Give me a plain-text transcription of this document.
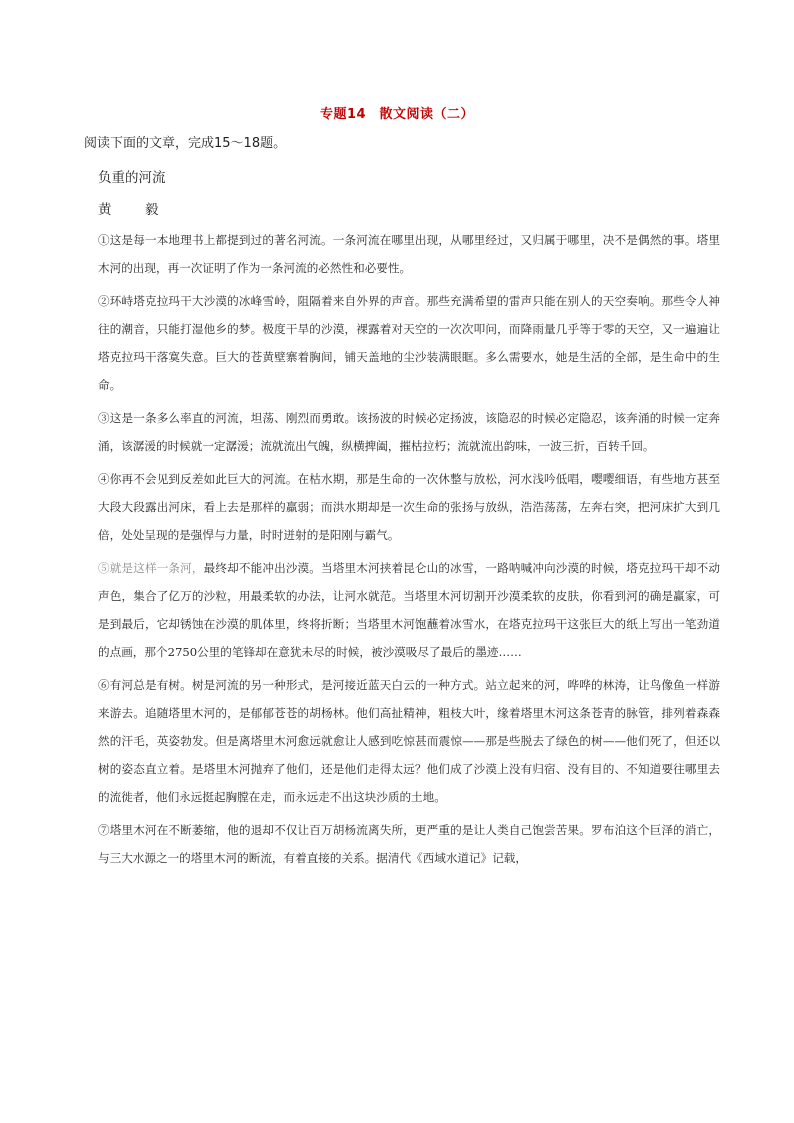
专题14　散文阅读（二）
阅读下面的文章，完成15～18题。
负重的河流
黄　毅

①这是每一本地理书上都提到过的著名河流。一条河流在哪里出现，从哪里经过，又归属于哪里，决不是偶然的事。塔里木河的出现，再一次证明了作为一条河流的必然性和必要性。

②环峙塔克拉玛干大沙漠的冰峰雪岭，阻隔着来自外界的声音。那些充满希望的雷声只能在别人的天空奏响。那些令人神往的潮音，只能打湿他乡的梦。极度干旱的沙漠，裸露着对天空的一次次叩问，而降雨量几乎等于零的天空，又一遍遍让塔克拉玛干落寞失意。巨大的苍黄壁寨着胸间，铺天盖地的尘沙装满眼眶。多么需要水，她是生活的全部，是生命中的生命。

③这是一条多么率直的河流，坦荡、刚烈而勇敢。该扬波的时候必定扬波，该隐忍的时候必定隐忍，该奔涌的时候一定奔涌，该潺湲的时候就一定潺湲；流就流出气魄，纵横捭阖，摧枯拉朽；流就流出韵味，一波三折，百转千回。

④你再不会见到反差如此巨大的河流。在枯水期，那是生命的一次休整与放松，河水浅吟低唱，嘤嘤细语，有些地方甚至大段大段露出河床，看上去是那样的羸弱；而洪水期却是一次生命的张扬与放纵，浩浩荡荡，左奔右突，把河床扩大到几倍，处处呈现的是强悍与力量，时时迸射的是阳刚与霸气。

⑤就是这样一条河，最终却不能冲出沙漠。当塔里木河挟着昆仑山的冰雪，一路呐喊冲向沙漠的时候，塔克拉玛干却不动声色，集合了亿万的沙粒，用最柔软的办法，让河水就范。当塔里木河切割开沙漠柔软的皮肤，你看到河的确是赢家，可是到最后，它却锈蚀在沙漠的肌体里，终将折断；当塔里木河饱蘸着冰雪水，在塔克拉玛干这张巨大的纸上写出一笔劲道的点画，那个2750公里的笔锋却在意犹未尽的时候，被沙漠吸尽了最后的墨迹……

⑥有河总是有树。树是河流的另一种形式，是河接近蓝天白云的一种方式。站立起来的河，哗哗的林涛，让鸟像鱼一样游来游去。追随塔里木河的，是郁郁苍苍的胡杨林。他们高扯精神，粗枝大叶，缘着塔里木河这条苍青的脉管，排列着森森然的汗毛，英姿勃发。但是离塔里木河愈远就愈让人感到吃惊甚而震惊——那是些脱去了绿色的树——他们死了，但还以树的姿态直立着。是塔里木河抛弃了他们，还是他们走得太远？他们成了沙漠上没有归宿、没有目的、不知道要往哪里去的流徙者，他们永远挺起胸膛在走，而永远走不出这块沙质的土地。

⑦塔里木河在不断萎缩，他的退却不仅让百万胡杨流离失所，更严重的是让人类自己饱尝苦果。罗布泊这个巨泽的消亡，与三大水源之一的塔里木河的断流，有着直接的关系。据清代《西域水道记》记载，
